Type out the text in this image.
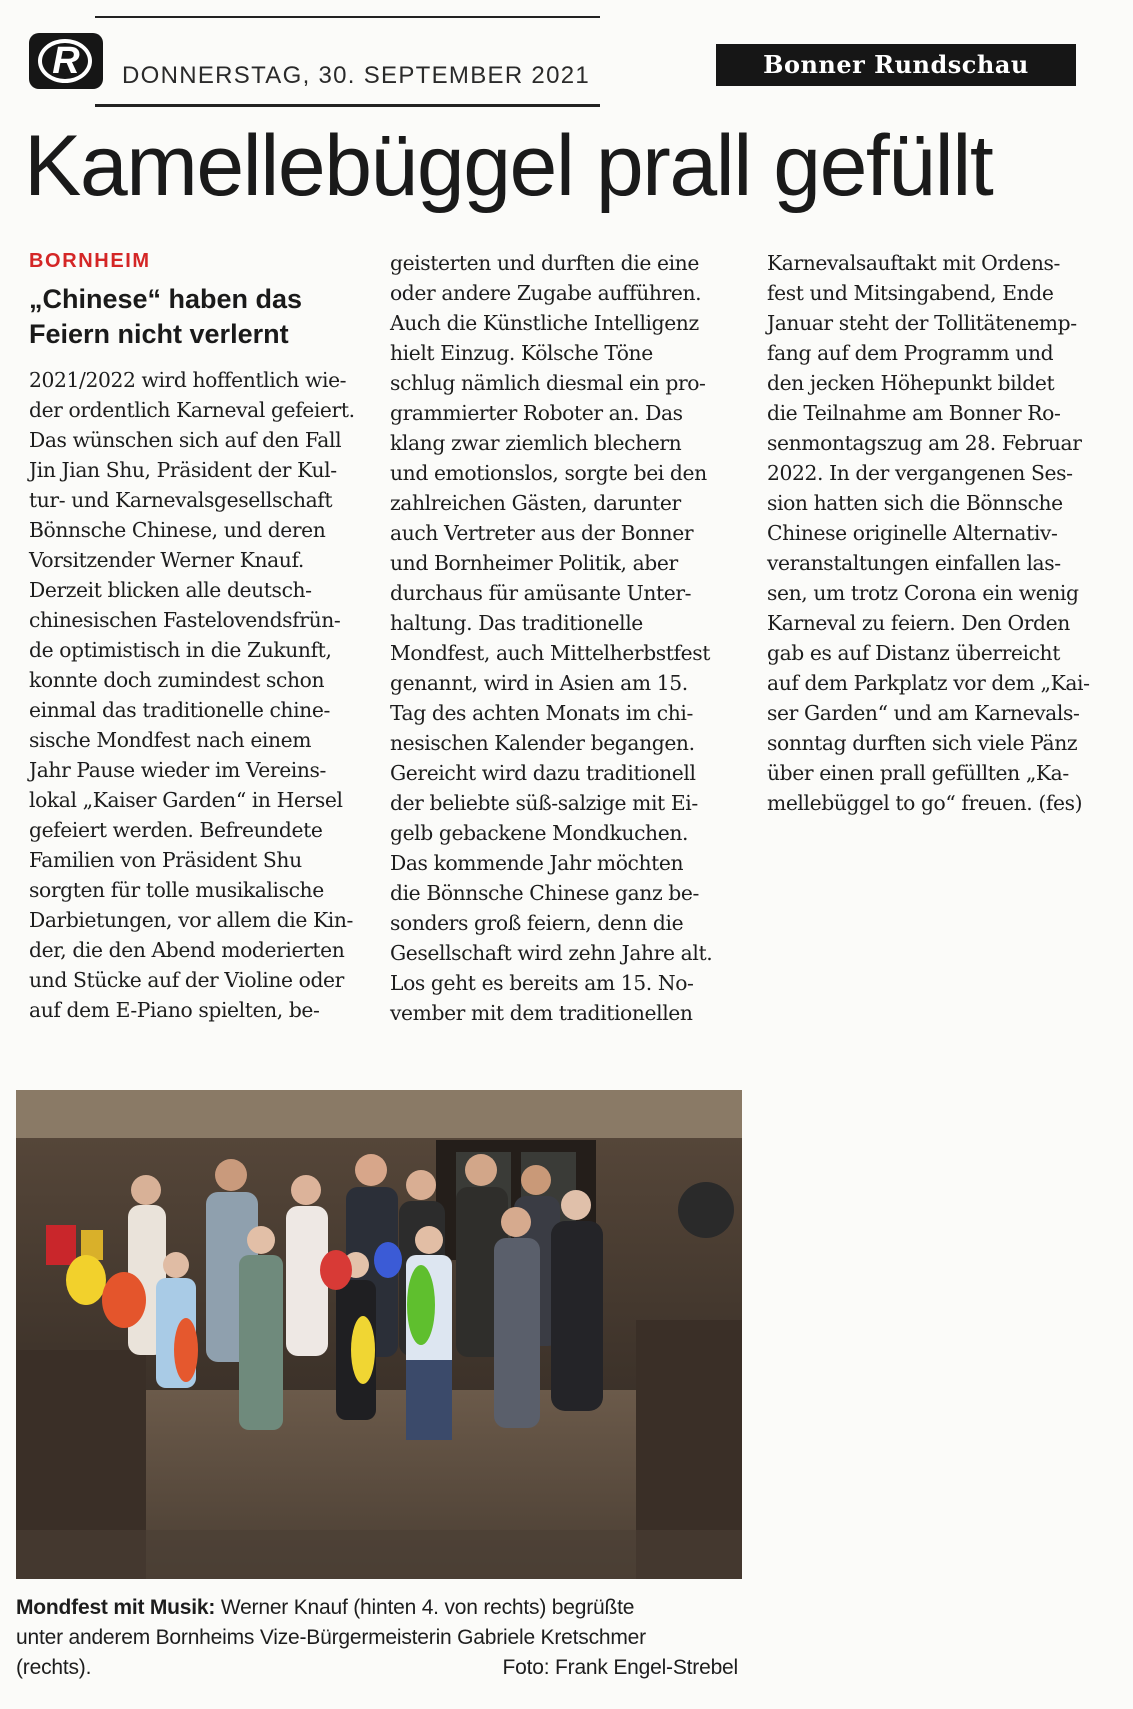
R	DONNERSTAG, 30. SEPTEMBER 2021	Bonner Rundschau
Kamellebüggel prall gefüllt
BORNHEIM
„Chinese“ haben das
Feiern nicht verlernt
2021/2022 wird hoffentlich wie-
der ordentlich Karneval gefeiert.
Das wünschen sich auf den Fall
Jin Jian Shu, Präsident der Kul-
tur- und Karnevalsgesellschaft
Bönnsche Chinese, und deren
Vorsitzender Werner Knauf.
Derzeit blicken alle deutsch-
chinesischen Fastelovendsfrün-
de optimistisch in die Zukunft,
konnte doch zumindest schon
einmal das traditionelle chine-
sische Mondfest nach einem
Jahr Pause wieder im Vereins-
lokal „Kaiser Garden“ in Hersel
gefeiert werden. Befreundete
Familien von Präsident Shu
sorgten für tolle musikalische
Darbietungen, vor allem die Kin-
der, die den Abend moderierten
und Stücke auf der Violine oder
auf dem E-Piano spielten, be-
geisterten und durften die eine
oder andere Zugabe aufführen.
Auch die Künstliche Intelligenz
hielt Einzug. Kölsche Töne
schlug nämlich diesmal ein pro-
grammierter Roboter an. Das
klang zwar ziemlich blechern
und emotionslos, sorgte bei den
zahlreichen Gästen, darunter
auch Vertreter aus der Bonner
und Bornheimer Politik, aber
durchaus für amüsante Unter-
haltung. Das traditionelle
Mondfest, auch Mittelherbstfest
genannt, wird in Asien am 15.
Tag des achten Monats im chi-
nesischen Kalender begangen.
Gereicht wird dazu traditionell
der beliebte süß-salzige mit Ei-
gelb gebackene Mondkuchen.
Das kommende Jahr möchten
die Bönnsche Chinese ganz be-
sonders groß feiern, denn die
Gesellschaft wird zehn Jahre alt.
Los geht es bereits am 15. No-
vember mit dem traditionellen
Karnevalsauftakt mit Ordens-
fest und Mitsingabend, Ende
Januar steht der Tollitätenemp-
fang auf dem Programm und
den jecken Höhepunkt bildet
die Teilnahme am Bonner Ro-
senmontagszug am 28. Februar
2022. In der vergangenen Ses-
sion hatten sich die Bönnsche
Chinese originelle Alternativ-
veranstaltungen einfallen las-
sen, um trotz Corona ein wenig
Karneval zu feiern. Den Orden
gab es auf Distanz überreicht
auf dem Parkplatz vor dem „Kai-
ser Garden“ und am Karnevals-
sonntag durften sich viele Pänz
über einen prall gefüllten „Ka-
mellebüggel to go“ freuen. (fes)
Mondfest mit Musik: Werner Knauf (hinten 4. von rechts) begrüßte
unter anderem Bornheims Vize-Bürgermeisterin Gabriele Kretschmer
(rechts).	Foto: Frank Engel-Strebel
